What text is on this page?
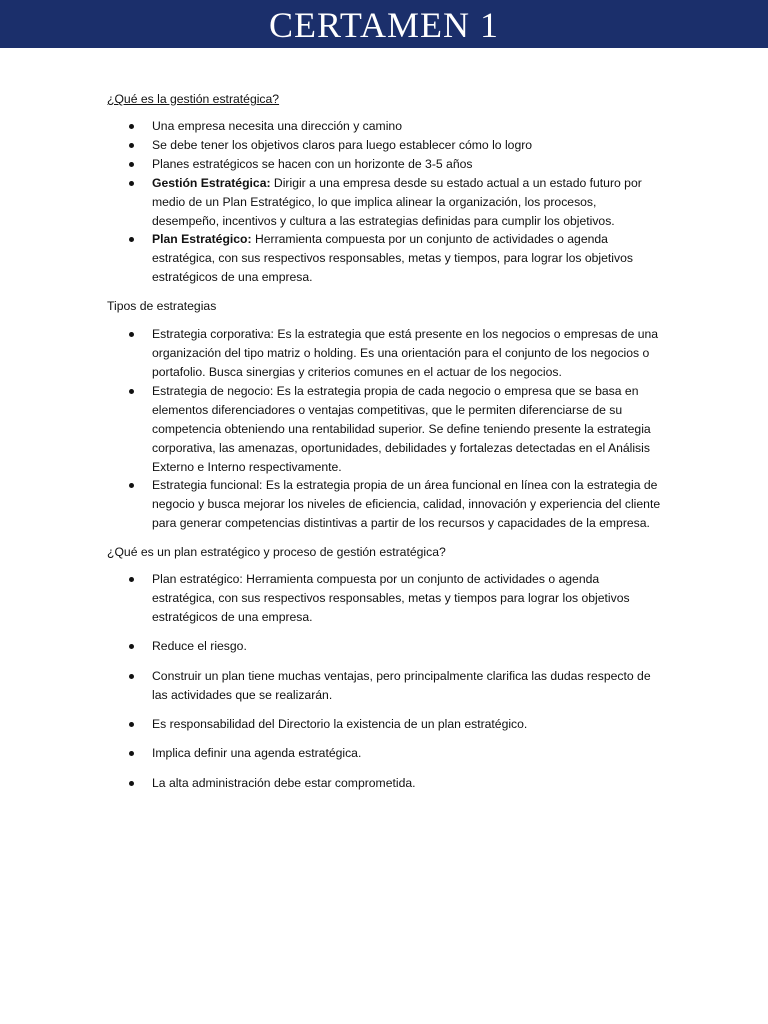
CERTAMEN 1
¿Qué es la gestión estratégica?
Una empresa necesita una dirección y camino
Se debe tener los objetivos claros para luego establecer cómo lo logro
Planes estratégicos se hacen con un horizonte de 3-5 años
Gestión Estratégica: Dirigir a una empresa desde su estado actual a un estado futuro por medio de un Plan Estratégico, lo que implica alinear la organización, los procesos, desempeño, incentivos y cultura a las estrategias definidas para cumplir los objetivos.
Plan Estratégico: Herramienta compuesta por un conjunto de actividades o agenda estratégica, con sus respectivos responsables, metas y tiempos, para lograr los objetivos estratégicos de una empresa.
Tipos de estrategias
Estrategia corporativa: Es la estrategia que está presente en los negocios o empresas de una organización del tipo matriz o holding. Es una orientación para el conjunto de los negocios o portafolio. Busca sinergias y criterios comunes en el actuar de los negocios.
Estrategia de negocio: Es la estrategia propia de cada negocio o empresa que se basa en elementos diferenciadores o ventajas competitivas, que le permiten diferenciarse de su competencia obteniendo una rentabilidad superior. Se define teniendo presente la estrategia corporativa, las amenazas, oportunidades, debilidades y fortalezas detectadas en el Análisis Externo e Interno respectivamente.
Estrategia funcional: Es la estrategia propia de un área funcional en línea con la estrategia de negocio y busca mejorar los niveles de eficiencia, calidad, innovación y experiencia del cliente para generar competencias distintivas a partir de los recursos y capacidades de la empresa.
¿Qué es un plan estratégico y proceso de gestión estratégica?
Plan estratégico: Herramienta compuesta por un conjunto de actividades o agenda estratégica, con sus respectivos responsables, metas y tiempos para lograr los objetivos estratégicos de una empresa.
Reduce el riesgo.
Construir un plan tiene muchas ventajas, pero principalmente clarifica las dudas respecto de las actividades que se realizarán.
Es responsabilidad del Directorio la existencia de un plan estratégico.
Implica definir una agenda estratégica.
La alta administración debe estar comprometida.
